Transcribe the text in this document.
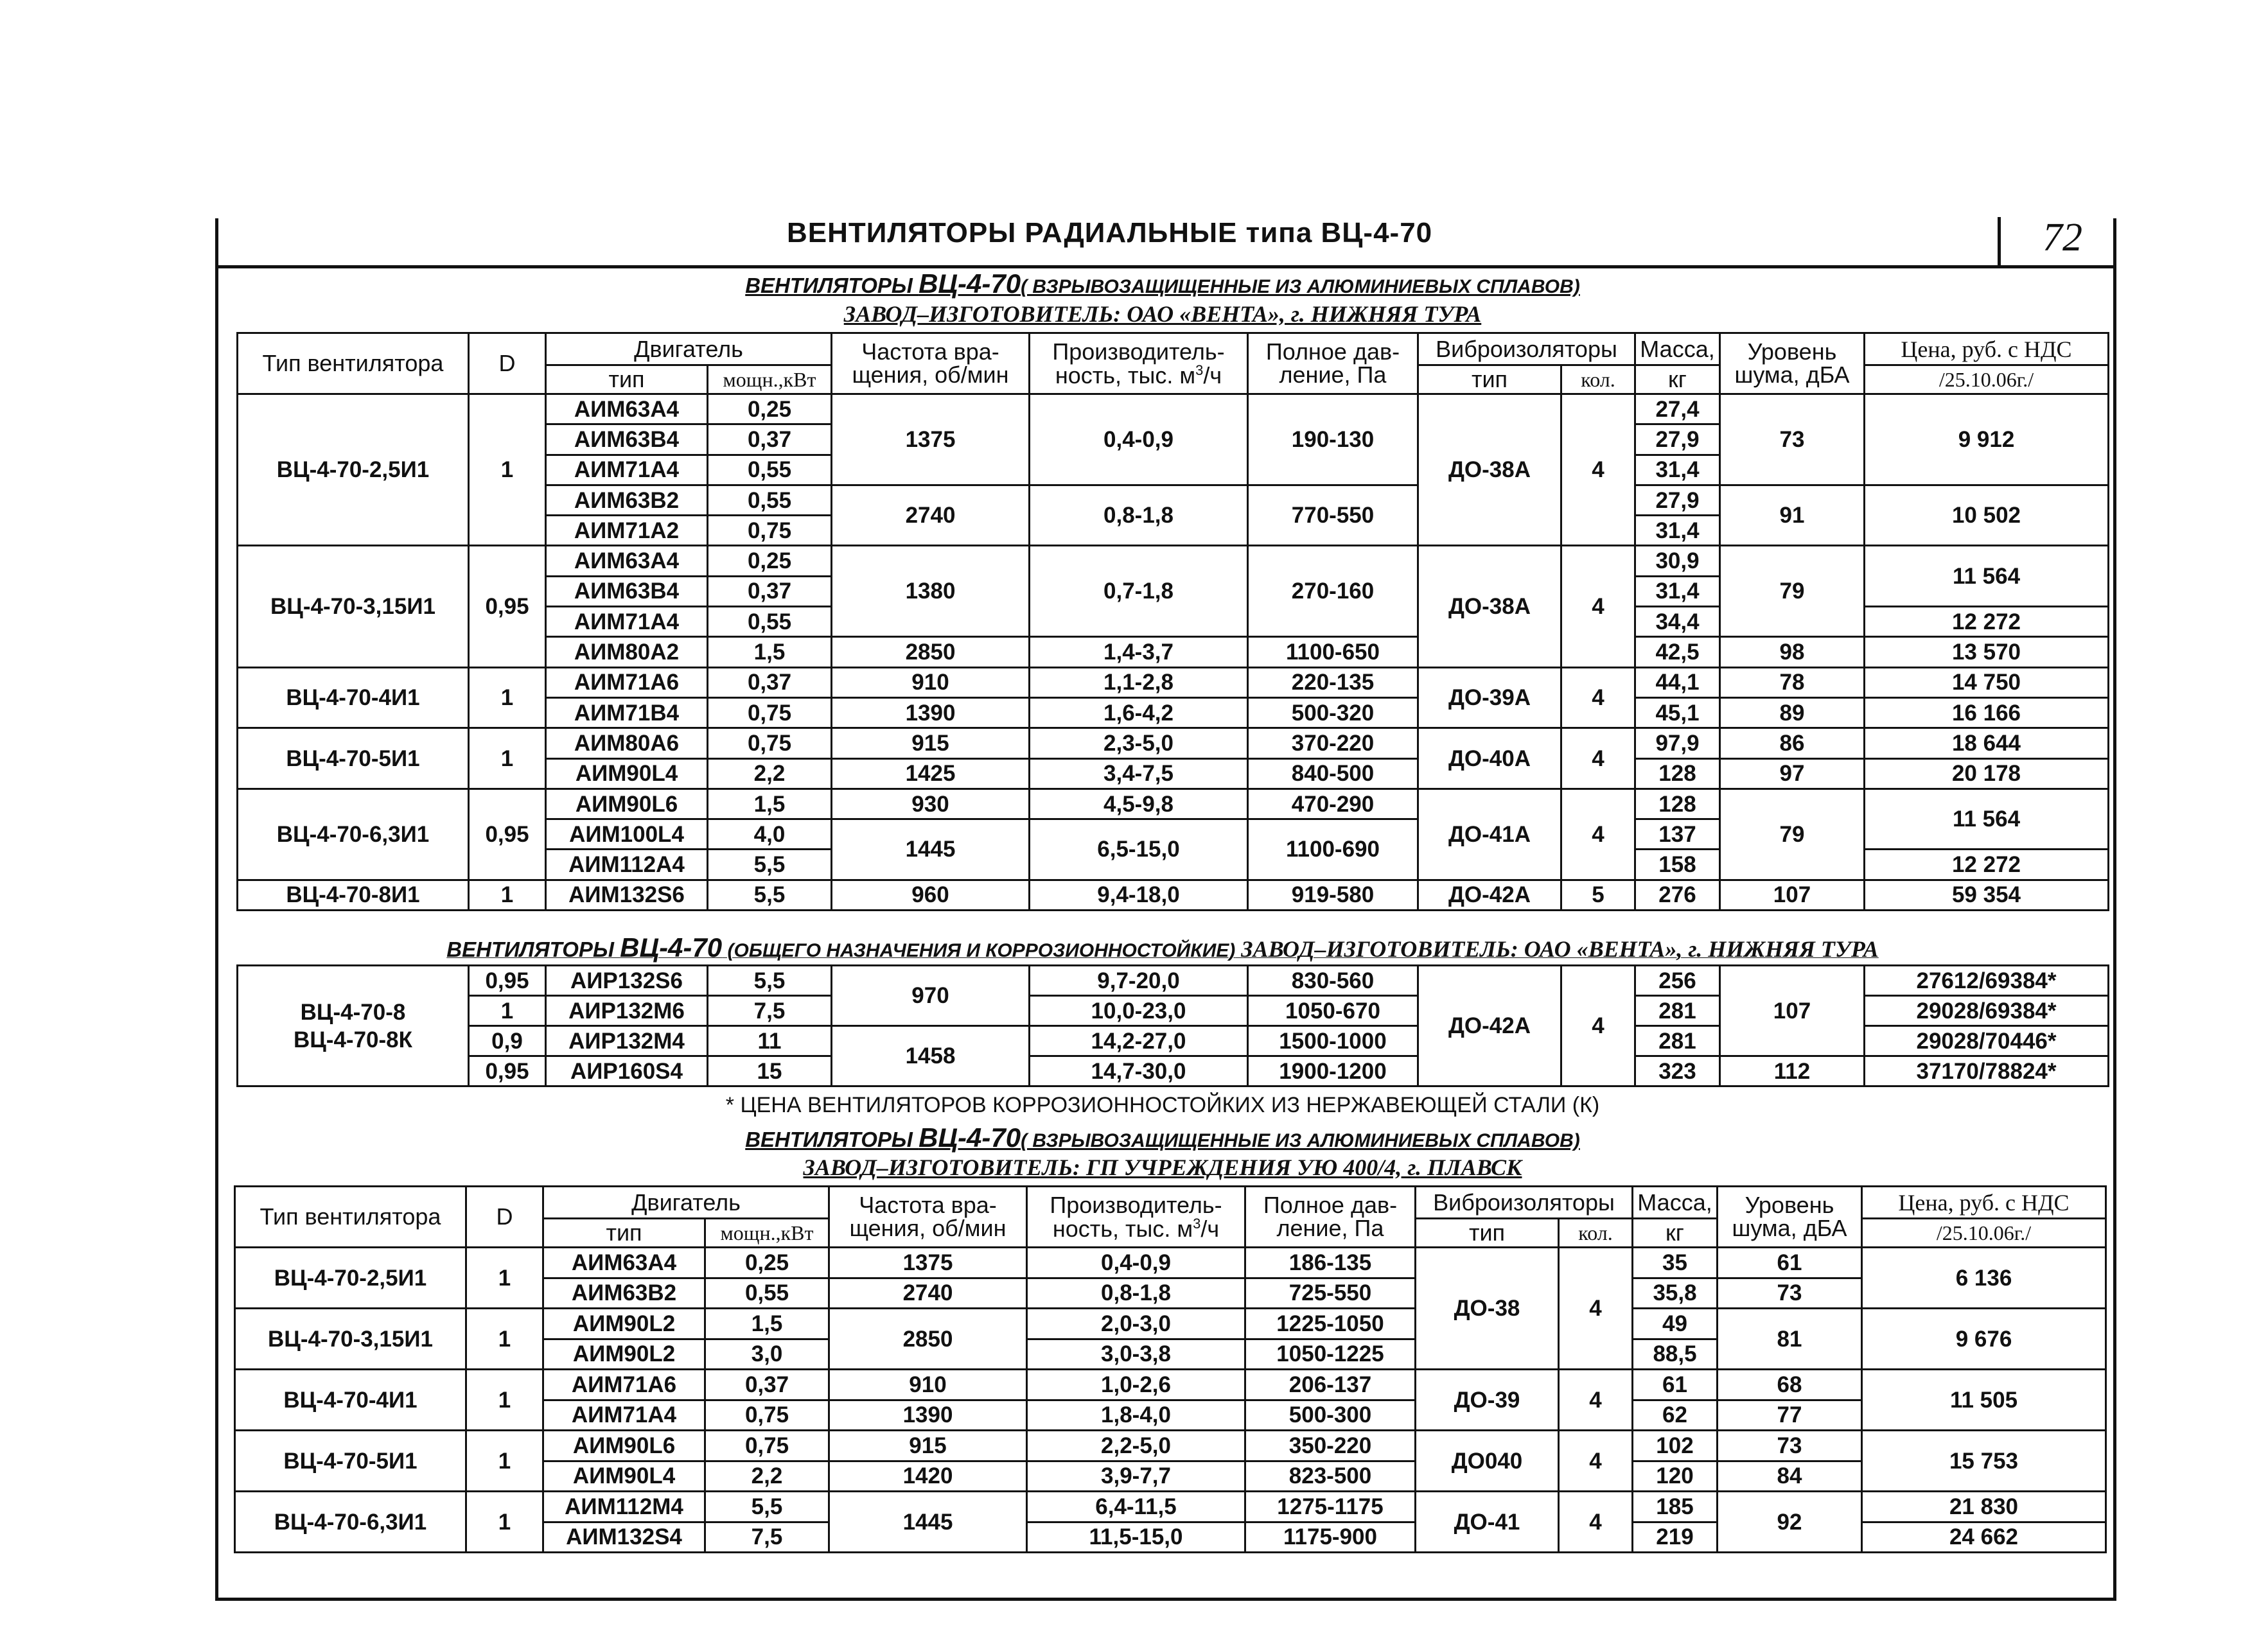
ВЕНТИЛЯТОРЫ РАДИАЛЬНЫЕ типа ВЦ-4-70	72
ВЕНТИЛЯТОРЫ ВЦ-4-70( ВЗРЫВОЗАЩИЩЕННЫЕ ИЗ АЛЮМИНИЕВЫХ СПЛАВОВ)
ЗАВОД–ИЗГОТОВИТЕЛЬ: ОАО «ВЕНТА», г. НИЖНЯЯ ТУРА
Тип вентилятора	D	Двигатель		Частота вра-щения, об/мин	Производитель-ность, тыс. $м^3/ч$	Полное дав-ление, Па	Виброизоляторы		Масса,	Уровень шума, дБА	Цена, руб. с НДС
		тип	мощн.,кВт				тип	кол.	кг		/25.10.06г./
ВЦ-4-70-2,5И1	1	АИМ63А4	0,25	1375	0,4-0,9	190-130	ДО-38А	4	27,4	73	9 912
		АИМ63В4	0,37						27,9		
		АИМ71А4	0,55						31,4		
		АИМ63В2	0,55	2740	0,8-1,8	770-550			27,9	91	10 502
		АИМ71А2	0,75						31,4		
ВЦ-4-70-3,15И1	0,95	АИМ63А4	0,25	1380	0,7-1,8	270-160	ДО-38А	4	30,9	79	11 564
		АИМ63В4	0,37						31,4		
		АИМ71А4	0,55						34,4		12 272
		АИМ80А2	1,5	2850	1,4-3,7	1100-650			42,5	98	13 570
ВЦ-4-70-4И1	1	АИМ71А6	0,37	910	1,1-2,8	220-135	ДО-39А	4	44,1	78	14 750
		АИМ71В4	0,75	1390	1,6-4,2	500-320			45,1	89	16 166
ВЦ-4-70-5И1	1	АИМ80А6	0,75	915	2,3-5,0	370-220	ДО-40А	4	97,9	86	18 644
		АИМ90L4	2,2	1425	3,4-7,5	840-500			128	97	20 178
ВЦ-4-70-6,3И1	0,95	АИМ90L6	1,5	930	4,5-9,8	470-290	ДО-41А	4	128	79	11 564
		АИМ100L4	4,0	1445	6,5-15,0	1100-690			137		
		АИМ112А4	5,5						158		12 272
ВЦ-4-70-8И1	1	АИМ132S6	5,5	960	9,4-18,0	919-580	ДО-42А	5	276	107	59 354
ВЕНТИЛЯТОРЫ ВЦ-4-70 (ОБЩЕГО НАЗНАЧЕНИЯ И КОРРОЗИОННОСТОЙКИЕ) ЗАВОД–ИЗГОТОВИТЕЛЬ: ОАО «ВЕНТА», г. НИЖНЯЯ ТУРА
ВЦ-4-70-8
ВЦ-4-70-8К	0,95	АИР132S6	5,5	970	9,7-20,0	830-560	ДО-42А	4	256	107	27612/69384*
	1	АИР132М6	7,5		10,0-23,0	1050-670			281		29028/69384*
	0,9	АИР132М4	11	1458	14,2-27,0	1500-1000			281		29028/70446*
	0,95	АИР160S4	15		14,7-30,0	1900-1200			323	112	37170/78824*
* ЦЕНА ВЕНТИЛЯТОРОВ КОРРОЗИОННОСТОЙКИХ ИЗ НЕРЖАВЕЮЩЕЙ СТАЛИ (К)
ВЕНТИЛЯТОРЫ ВЦ-4-70( ВЗРЫВОЗАЩИЩЕННЫЕ ИЗ АЛЮМИНИЕВЫХ СПЛАВОВ)
ЗАВОД–ИЗГОТОВИТЕЛЬ: ГП УЧРЕЖДЕНИЯ УЮ 400/4, г. ПЛАВСК
Тип вентилятора	D	Двигатель		Частота вра-щения, об/мин	Производитель-ность, тыс. $м^3/ч$	Полное дав-ление, Па	Виброизоляторы		Масса,	Уровень шума, дБА	Цена, руб. с НДС
		тип	мощн.,кВт				тип	кол.	кг		/25.10.06г./
ВЦ-4-70-2,5И1	1	АИМ63А4	0,25	1375	0,4-0,9	186-135	ДО-38	4	35	61	6 136
		АИМ63В2	0,55	2740	0,8-1,8	725-550			35,8	73	
ВЦ-4-70-3,15И1	1	АИМ90L2	1,5	2850	2,0-3,0	1225-1050			49	81	9 676
		АИМ90L2	3,0		3,0-3,8	1050-1225			88,5		
ВЦ-4-70-4И1	1	АИМ71А6	0,37	910	1,0-2,6	206-137	ДО-39	4	61	68	11 505
		АИМ71А4	0,75	1390	1,8-4,0	500-300			62	77	
ВЦ-4-70-5И1	1	АИМ90L6	0,75	915	2,2-5,0	350-220	ДО040	4	102	73	15 753
		АИМ90L4	2,2	1420	3,9-7,7	823-500			120	84	
ВЦ-4-70-6,3И1	1	АИМ112М4	5,5	1445	6,4-11,5	1275-1175	ДО-41	4	185	92	21 830
		АИМ132S4	7,5		11,5-15,0	1175-900			219		24 662
